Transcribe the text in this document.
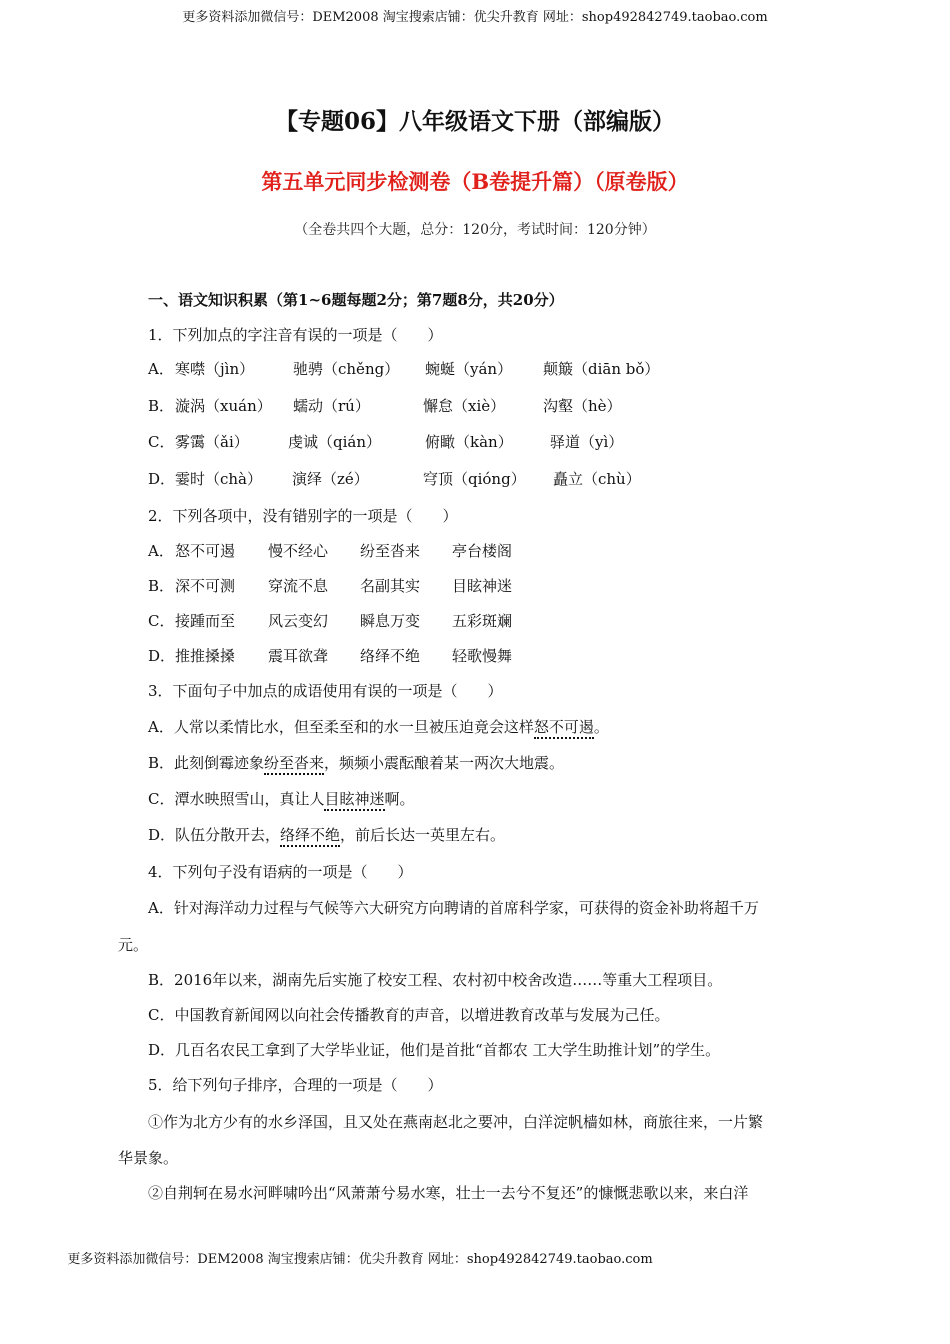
更多资料添加微信号：DEM2008 淘宝搜索店铺：优尖升教育 网址：shop492842749.taobao.com
【专题06】八年级语文下册（部编版）
第五单元同步检测卷（B卷提升篇）（原卷版）
（全卷共四个大题，总分：120分，考试时间：120分钟）
一、语文知识积累（第1~6题每题2分；第7题8分，共20分）
1．下列加点的字注音有误的一项是（　　）
A． 寒噤（jìn）	驰骋（chěng） 蜿蜒（yán） 颠簸（diān bǒ）
B． 漩涡（xuán） 蠕动（rú）	懈怠（xiè）	沟壑（hè）
C． 雾霭（ǎi）	虔诚（qián）	俯瞰（kàn） 驿道（yì）
D． 霎时（chà） 演绎（zé）	穹顶（qióng） 矗立（chù）
2．下列各项中，没有错别字的一项是（　　）
A． 怒不可遏 慢不经心 纷至沓来 亭台楼阁
B． 深不可测 穿流不息 名副其实 目眩神迷
C． 接踵而至 风云变幻 瞬息万变 五彩斑斓
D． 推推搡搡 震耳欲聋 络绎不绝 轻歌慢舞
3．下面句子中加点的成语使用有误的一项是（　　）
A．人常以柔情比水，但至柔至和的水一旦被压迫竟会这样怒不可遏。
B．此刻倒霉迹象纷至沓来，频频小震酝酿着某一两次大地震。
C．潭水映照雪山，真让人目眩神迷啊。
D．队伍分散开去，络绎不绝，前后长达一英里左右。
4．下列句子没有语病的一项是（　　）
A．针对海洋动力过程与气候等六大研究方向聘请的首席科学家，可获得的资金补助将超千万
元。
B．2016年以来，湖南先后实施了校安工程、农村初中校舍改造……等重大工程项目。
C．中国教育新闻网以向社会传播教育的声音，以增进教育改革与发展为己任。
D．几百名农民工拿到了大学毕业证，他们是首批“首都农 工大学生助推计划”的学生。
5．给下列句子排序，合理的一项是（　　）
①作为北方少有的水乡泽国，且又处在燕南赵北之要冲，白洋淀帆樯如林，商旅往来，一片繁
华景象。
②自荆轲在易水河畔啸吟出“风萧萧兮易水寒，壮士一去兮不复还”的慷慨悲歌以来，来白洋
更多资料添加微信号：DEM2008 淘宝搜索店铺：优尖升教育 网址：shop492842749.taobao.com
